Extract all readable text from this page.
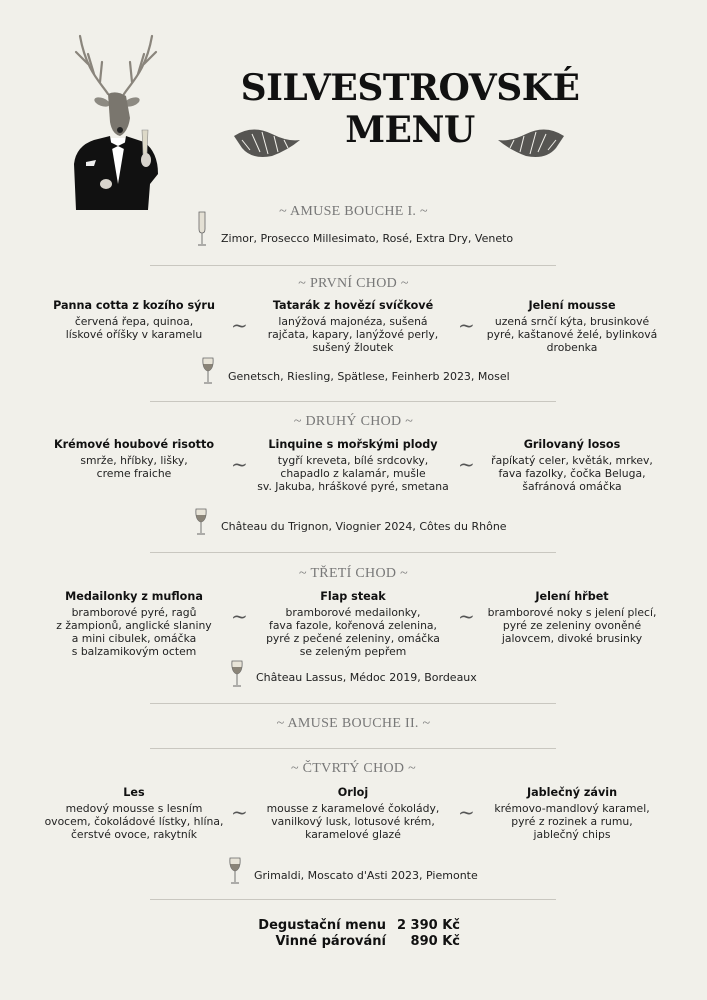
SILVESTROVSKÉ
MENU
~ AMUSE BOUCHE I. ~
Zimor, Prosecco Millesimato, Rosé, Extra Dry, Veneto
~ PRVNÍ CHOD ~
Panna cotta z kozího sýru
červená řepa, quinoa,
lískové oříšky v karamelu	~
Tatarák z hovězí svíčkové
lanýžová majonéza, sušená
rajčata, kapary, lanýžové perly,
sušený žloutek
~
Jelení mousse
uzená srnčí kýta, brusinkové
pyré, kaštanové želé, bylinková
drobenka
Genetsch, Riesling, Spätlese, Feinherb 2023, Mosel
~ DRUHÝ CHOD ~
Krémové houbové risotto
smrže, hříbky, lišky,
creme fraiche	~
Linquine s mořskými plody
tygří kreveta, bílé srdcovky,
chapadlo z kalamár, mušle
sv. Jakuba, hráškové pyré, smetana
~
Grilovaný losos
řapíkatý celer, květák, mrkev,
fava fazolky, čočka Beluga,
šafránová omáčka
Château du Trignon, Viognier 2024, Côtes du Rhône
~ TŘETÍ CHOD ~
Medailonky z muflona
bramborové pyré, ragů
z žampionů, anglické slaniny
a mini cibulek, omáčka
s balzamikovým octem
~
Flap steak
bramborové medailonky,
fava fazole, kořenová zelenina,
pyré z pečené zeleniny, omáčka
se zeleným pepřem
~
Jelení hřbet
bramborové noky s jelení plecí,
pyré ze zeleniny ovoněné
jalovcem, divoké brusinky
Château Lassus, Médoc 2019, Bordeaux
~ AMUSE BOUCHE II. ~
~ ČTVRTÝ CHOD ~
Les
medový mousse s lesním
ovocem, čokoládové lístky, hlína,
čerstvé ovoce, rakytník
~
Orloj
mousse z karamelové čokolády,
vanilkový lusk, lotusové krém,
karamelové glazé
~
Jablečný závin
krémovo-mandlový karamel,
pyré z rozinek a rumu,
jablečný chips
Grimaldi, Moscato d'Asti 2023, Piemonte
Degustační menu 2 390 Kč
Vinné párování 890 Kč
